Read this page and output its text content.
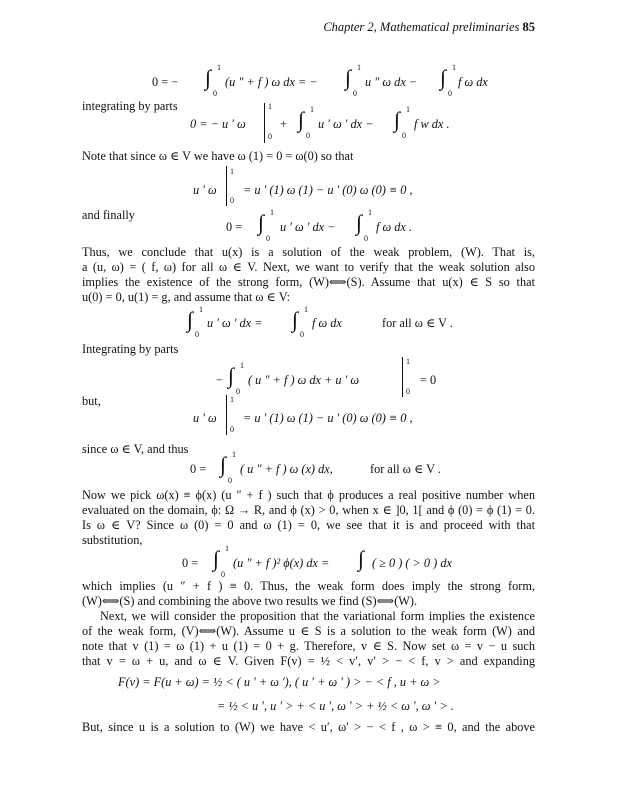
Chapter 2, Mathematical preliminaries 85
0 = − ∫ 1
0
(u ″ + f ) ω dx = − ∫ 1
0
u ″ ω dx − ∫ 1
0
f ω dx
integrating by parts
0 = − u ′ ω
1
0
+ ∫ 1
0
u ′ ω ′ dx − ∫ 1
0
f w dx .
Note that since ω ∈ V we have ω (1) = 0 = ω(0) so that
u ′ ω
1
0
= u ′ (1) ω (1) − u ′ (0) ω (0) ≡ 0 ,
and finally
0 = ∫ 1
0
u ′ ω ′ dx − ∫ 1
0
f ω dx .
Thus, we conclude that u(x) is a solution of the weak problem, (W). That is,
a (u, ω) = ( f, ω) for all ω ∈ V. Next, we want to verify that the weak solution also
implies the existence of the strong form, (W)⟺(S). Assume that u(x) ∈ S so that
u(0) = 0, u(1) = g, and assume that ω ∈ V:
∫ 1
0
u ′ ω ′ dx = ∫ 1
0
f ω dx	for all ω ∈ V .
Integrating by parts
− ∫ 1
0
( u ″ + f ) ω dx + u ′ ω
1
0
= 0
but,
u ′ ω
1
0
= u ′ (1) ω (1) − u ′ (0) ω (0) ≡ 0 ,
since ω ∈ V, and thus
0 = ∫ 1
0
( u ″ + f ) ω (x) dx,	for all ω ∈ V .
Now we pick ω(x) ≡ ϕ(x) (u ″ + f ) such that ϕ produces a real positive number when
evaluated on the domain, ϕ: Ω → R, and ϕ (x) > 0, when x ∈ ]0, 1[ and ϕ (0) = ϕ (1) = 0.
Is ω ∈ V? Since ω (0) = 0 and ω (1) = 0, we see that it is and proceed with that
substitution,
0 = ∫ 1
0
(u ″ + f )² ϕ(x) dx = ∫ ( ≥ 0 ) ( > 0 ) dx
which implies (u ″ + f ) ≡ 0. Thus, the weak form does imply the strong form,
(W)⟺(S) and combining the above two results we find (S)⟺(W).
Next, we will consider the proposition that the variational form implies the existence
of the weak form, (V)⟺(W). Assume u ∈ S is a solution to the weak form (W) and
note that v (1) = ω (1) + u (1) = 0 + g. Therefore, v ∈ S. Now set ω = v − u such
that v = ω + u, and ω ∈ V. Given F(v) = ½ < v′, v′ > − < f, v > and expanding
F(v) = F(u + ω) = ½ < ( u ′ + ω ′), ( u ′ + ω ′ ) > − < f , u + ω >
= ½ < u ′, u ′ > + < u ′, ω ′ > + ½ < ω ′, ω ′ > .
But, since u is a solution to (W) we have < u′, ω′ > − < f , ω > ≡ 0, and the above
